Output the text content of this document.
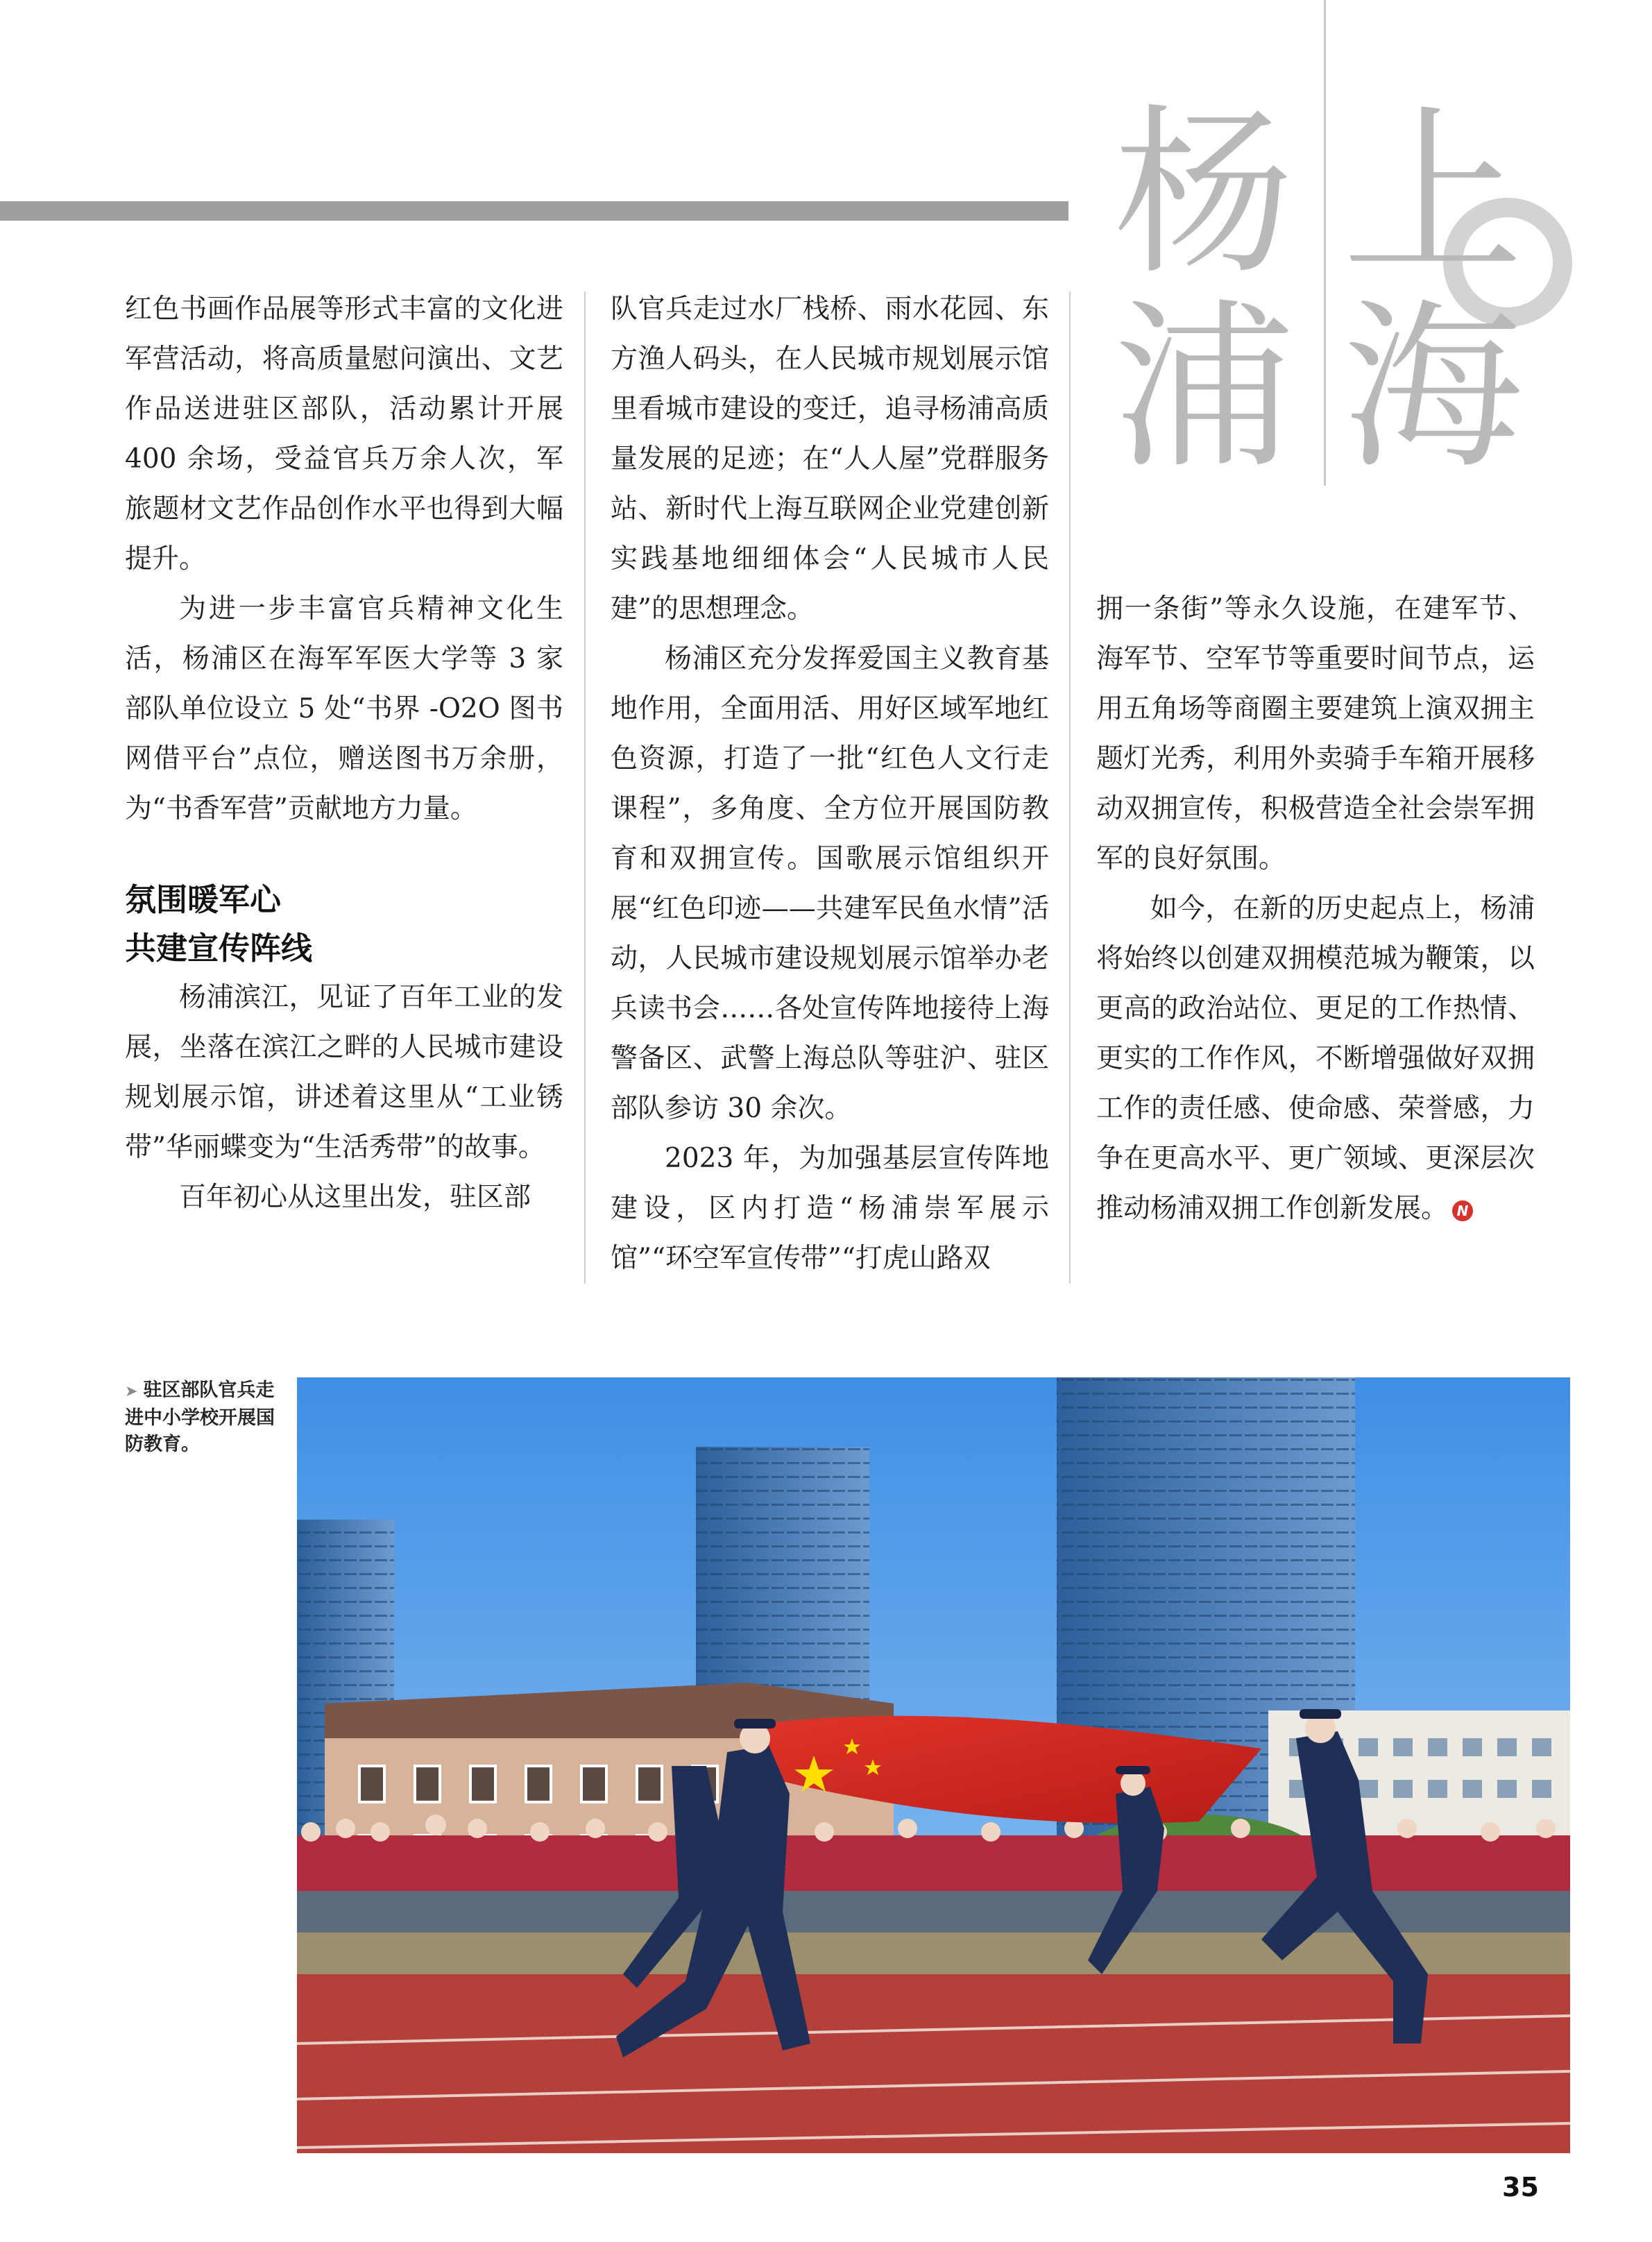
杨
浦
上
海

红色书画作品展等形式丰富的文化进军营活动，将高质量慰问演出、文艺作品送进驻区部队，活动累计开展 400 余场，受益官兵万余人次，军旅题材文艺作品创作水平也得到大幅提升。

为进一步丰富官兵精神文化生活，杨浦区在海军军医大学等 3 家部队单位设立 5 处“书界 -O2O 图书网借平台”点位，赠送图书万余册，为“书香军营”贡献地方力量。

氛围暖军心
共建宣传阵线

杨浦滨江，见证了百年工业的发展，坐落在滨江之畔的人民城市建设规划展示馆，讲述着这里从“工业锈带”华丽蝶变为“生活秀带”的故事。

百年初心从这里出发，驻区部

队官兵走过水厂栈桥、雨水花园、东方渔人码头，在人民城市规划展示馆里看城市建设的变迁，追寻杨浦高质量发展的足迹；在“人人屋”党群服务站、新时代上海互联网企业党建创新实践基地细细体会“人民城市人民建”的思想理念。

杨浦区充分发挥爱国主义教育基地作用，全面用活、用好区域军地红色资源，打造了一批“红色人文行走课程”，多角度、全方位开展国防教育和双拥宣传。国歌展示馆组织开展“红色印迹——共建军民鱼水情”活动，人民城市建设规划展示馆举办老兵读书会……各处宣传阵地接待上海警备区、武警上海总队等驻沪、驻区部队参访 30 余次。

2023 年，为加强基层宣传阵地建设，区内打造“杨浦崇军展示馆”“环空军宣传带”“打虎山路双

拥一条街”等永久设施，在建军节、海军节、空军节等重要时间节点，运用五角场等商圈主要建筑上演双拥主题灯光秀，利用外卖骑手车箱开展移动双拥宣传，积极营造全社会崇军拥军的良好氛围。

如今，在新的历史起点上，杨浦将始终以创建双拥模范城为鞭策，以更高的政治站位、更足的工作热情、更实的工作作风，不断增强做好双拥工作的责任感、使命感、荣誉感，力争在更高水平、更广领域、更深层次推动杨浦双拥工作创新发展。 N

➤ 驻区部队官兵走进中小学校开展国防教育。
35
